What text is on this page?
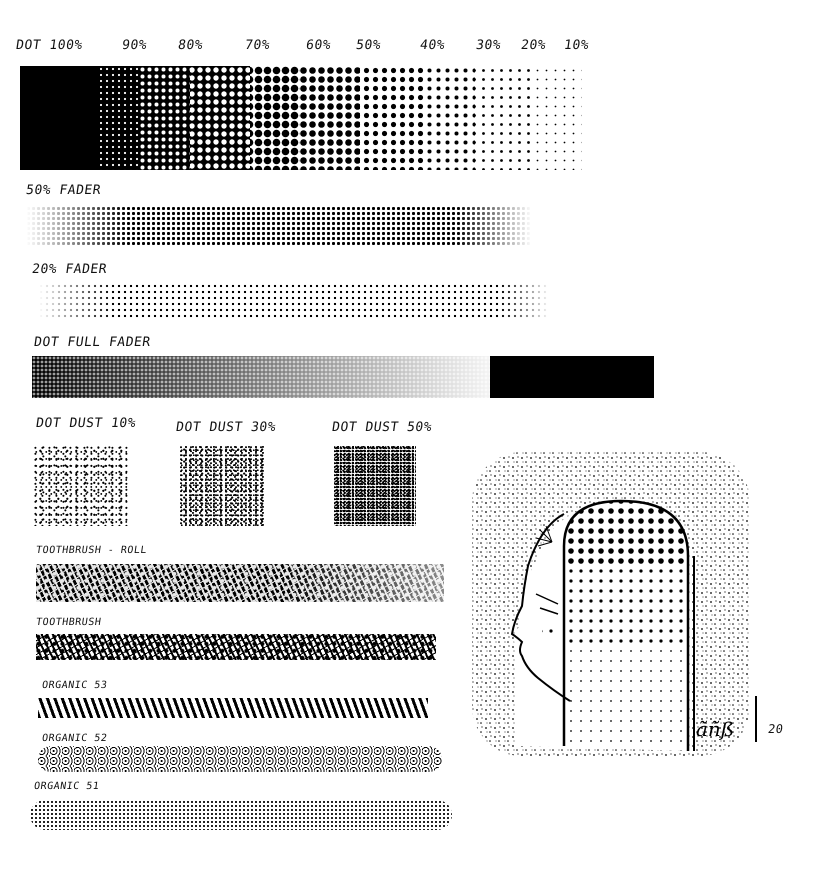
DOT 100%	90% 80%	70%	60% 50%	40% 30% 20% 10%
50% FADER
20% FADER
DOT FULL FADER
DOT DUST 10%	DOT DUST 30%	DOT DUST 50%
TOOTHBRUSH - ROLL
TOOTHBRUSH
ORGANIC 53
ORGANIC 52
ORGANIC 51
ãñß	20
